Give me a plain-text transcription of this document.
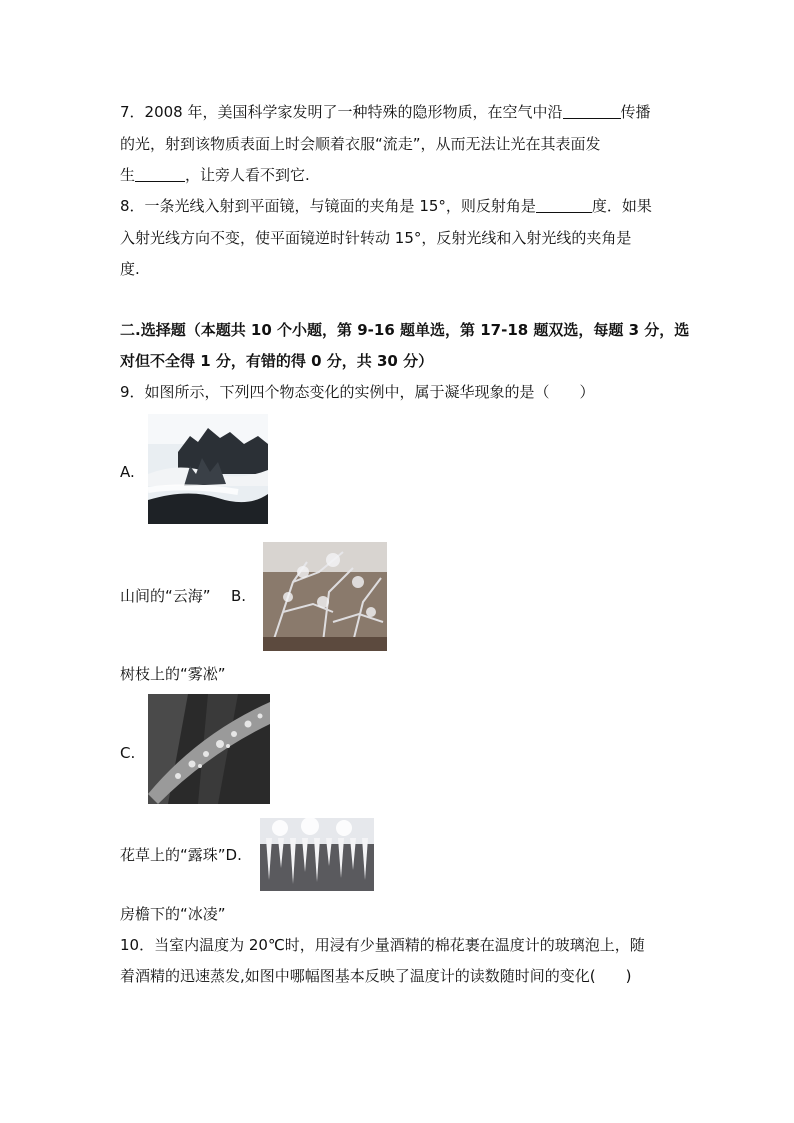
7．2008 年，美国科学家发明了一种特殊的隐形物质，在空气中沿	传播
的光，射到该物质表面上时会顺着衣服“流走”，从而无法让光在其表面发
生	，让旁人看不到它.
8．一条光线入射到平面镜，与镜面的夹角是 15°，则反射角是	度．如果
入射光线方向不变，使平面镜逆时针转动 15°，反射光线和入射光线的夹角是
度.
二.选择题（本题共 10 个小题，第 9-16 题单选，第 17-18 题双选，每题 3 分，选
对但不全得 1 分，有错的得 0 分，共 30 分）
9．如图所示，下列四个物态变化的实例中，属于凝华现象的是（　　）
A.
山间的“云海” B.
树枝上的“雾凇”
C.
花草上的“露珠”D.
房檐下的“冰凌”
10．当室内温度为 20℃时，用浸有少量酒精的棉花裹在温度计的玻璃泡上，随
着酒精的迅速蒸发,如图中哪幅图基本反映了温度计的读数随时间的变化(　　)
